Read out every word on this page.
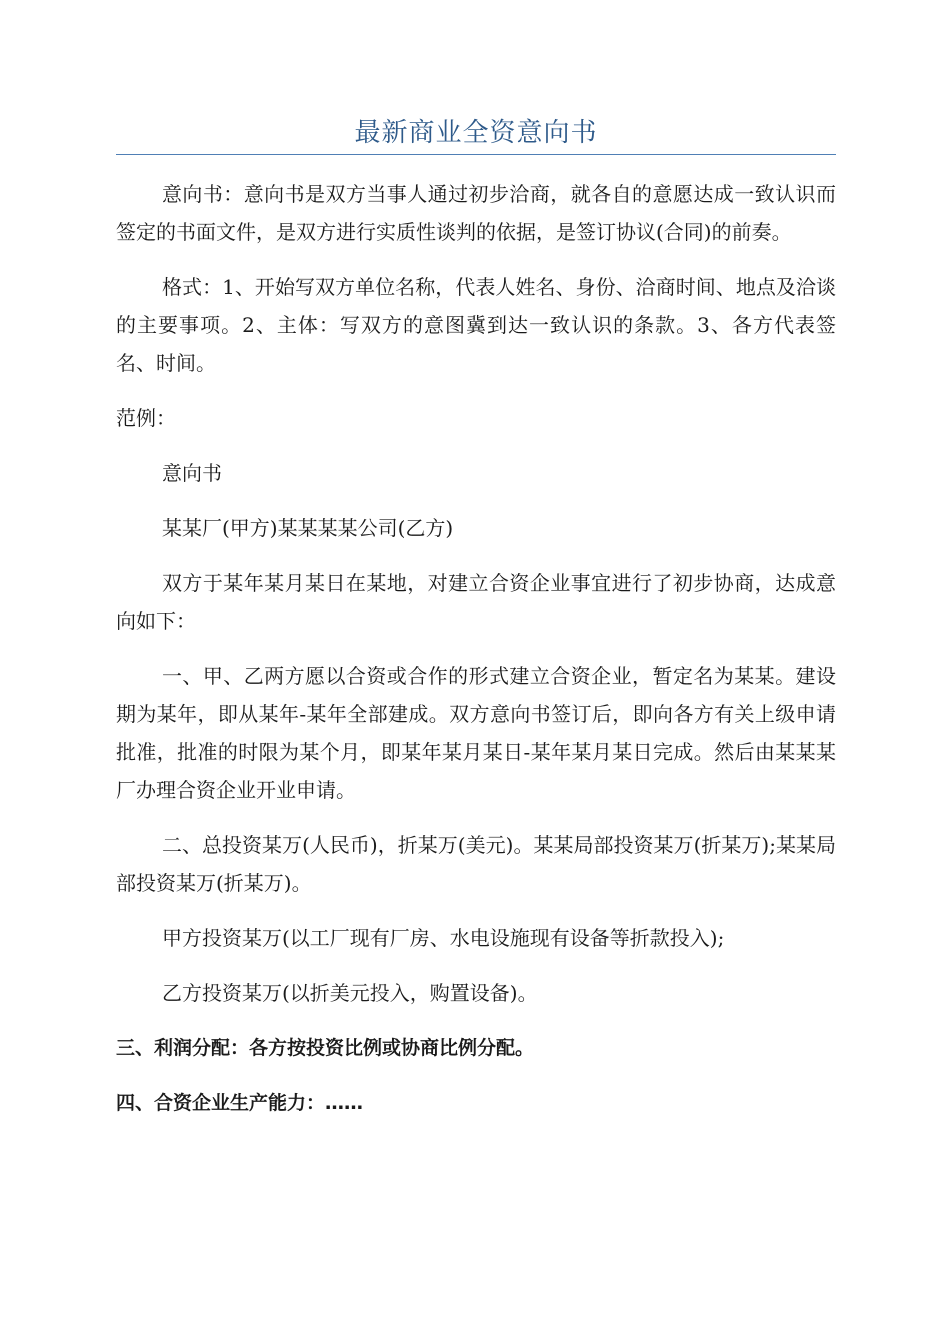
最新商业全资意向书

意向书：意向书是双方当事人通过初步洽商，就各自的意愿达成一致认识而签定的书面文件，是双方进行实质性谈判的依据，是签订协议(合同)的前奏。

格式：1、开始写双方单位名称，代表人姓名、身份、洽商时间、地点及洽谈的主要事项。2、主体：写双方的意图冀到达一致认识的条款。3、各方代表签名、时间。

范例：

意向书

某某厂(甲方)某某某某公司(乙方)

双方于某年某月某日在某地，对建立合资企业事宜进行了初步协商，达成意向如下：

一、甲、乙两方愿以合资或合作的形式建立合资企业，暂定名为某某。建设期为某年，即从某年-某年全部建成。双方意向书签订后，即向各方有关上级申请批准，批准的时限为某个月，即某年某月某日-某年某月某日完成。然后由某某某厂办理合资企业开业申请。

二、总投资某万(人民币)，折某万(美元)。某某局部投资某万(折某万);某某局部投资某万(折某万)。

甲方投资某万(以工厂现有厂房、水电设施现有设备等折款投入);

乙方投资某万(以折美元投入，购置设备)。

三、利润分配：各方按投资比例或协商比例分配。

四、合资企业生产能力：……
